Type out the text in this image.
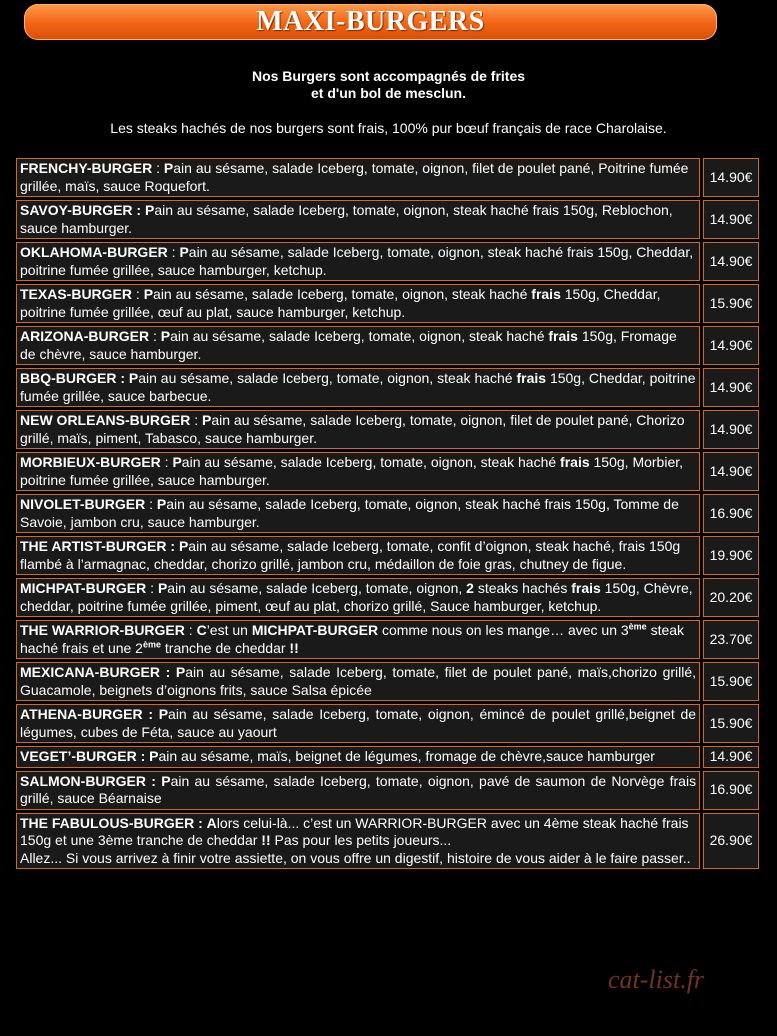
MAXI-BURGERS
Nos Burgers sont accompagnés de frites
et d'un bol de mesclun.
Les steaks hachés de nos burgers sont frais, 100% pur bœuf français de race Charolaise.
FRENCHY-BURGER : Pain au sésame, salade Iceberg, tomate, oignon, filet de poulet pané, Poitrine fumée grillée, maïs, sauce Roquefort.	14.90€
SAVOY-BURGER : Pain au sésame, salade Iceberg, tomate, oignon, steak haché frais 150g, Reblochon, sauce hamburger.	14.90€
OKLAHOMA-BURGER : Pain au sésame, salade Iceberg, tomate, oignon, steak haché frais 150g, Cheddar, poitrine fumée grillée, sauce hamburger, ketchup.	14.90€
TEXAS-BURGER : Pain au sésame, salade Iceberg, tomate, oignon, steak haché frais 150g, Cheddar, poitrine fumée grillée, œuf au plat, sauce hamburger, ketchup.	15.90€
ARIZONA-BURGER : Pain au sésame, salade Iceberg, tomate, oignon, steak haché frais 150g, Fromage de chèvre, sauce hamburger.	14.90€
BBQ-BURGER : Pain au sésame, salade Iceberg, tomate, oignon, steak haché frais 150g, Cheddar, poitrine fumée grillée, sauce barbecue.	14.90€
NEW ORLEANS-BURGER : Pain au sésame, salade Iceberg, tomate, oignon, filet de poulet pané, Chorizo grillé, maïs, piment, Tabasco, sauce hamburger.	14.90€
MORBIEUX-BURGER : Pain au sésame, salade Iceberg, tomate, oignon, steak haché frais 150g, Morbier, poitrine fumée grillée, sauce hamburger.	14.90€
NIVOLET-BURGER : Pain au sésame, salade Iceberg, tomate, oignon, steak haché frais 150g, Tomme de Savoie, jambon cru, sauce hamburger.	16.90€
THE ARTIST-BURGER : Pain au sésame, salade Iceberg, tomate, confit d’oignon, steak haché, frais 150g flambé à l’armagnac, cheddar, chorizo grillé, jambon cru, médaillon de foie gras, chutney de figue.	19.90€
MICHPAT-BURGER : Pain au sésame, salade Iceberg, tomate, oignon, 2 steaks hachés frais 150g, Chèvre, cheddar, poitrine fumée grillée, piment, œuf au plat, chorizo grillé, Sauce hamburger, ketchup.	20.20€
THE WARRIOR-BURGER : C’est un MICHPAT-BURGER comme nous on les mange… avec un 3ème steak haché frais et une 2ème tranche de cheddar !!	23.70€
MEXICANA-BURGER : Pain au sésame, salade Iceberg, tomate, filet de poulet pané, maïs,chorizo grillé, Guacamole, beignets d’oignons frits, sauce Salsa épicée	15.90€
ATHENA-BURGER : Pain au sésame, salade Iceberg, tomate, oignon, émincé de poulet grillé,beignet de légumes, cubes de Féta, sauce au yaourt	15.90€
VEGET’-BURGER : Pain au sésame, maïs, beignet de légumes, fromage de chèvre,sauce hamburger	14.90€
SALMON-BURGER : Pain au sésame, salade Iceberg, tomate, oignon, pavé de saumon de Norvège frais grillé, sauce Béarnaise	16.90€
THE FABULOUS-BURGER : Alors celui-là... c’est un WARRIOR-BURGER avec un 4ème steak haché frais 150g et une 3ème tranche de cheddar !! Pas pour les petits joueurs...
Allez... Si vous arrivez à finir votre assiette, on vous offre un digestif, histoire de vous aider à le faire passer..	26.90€
cat-list.fr
